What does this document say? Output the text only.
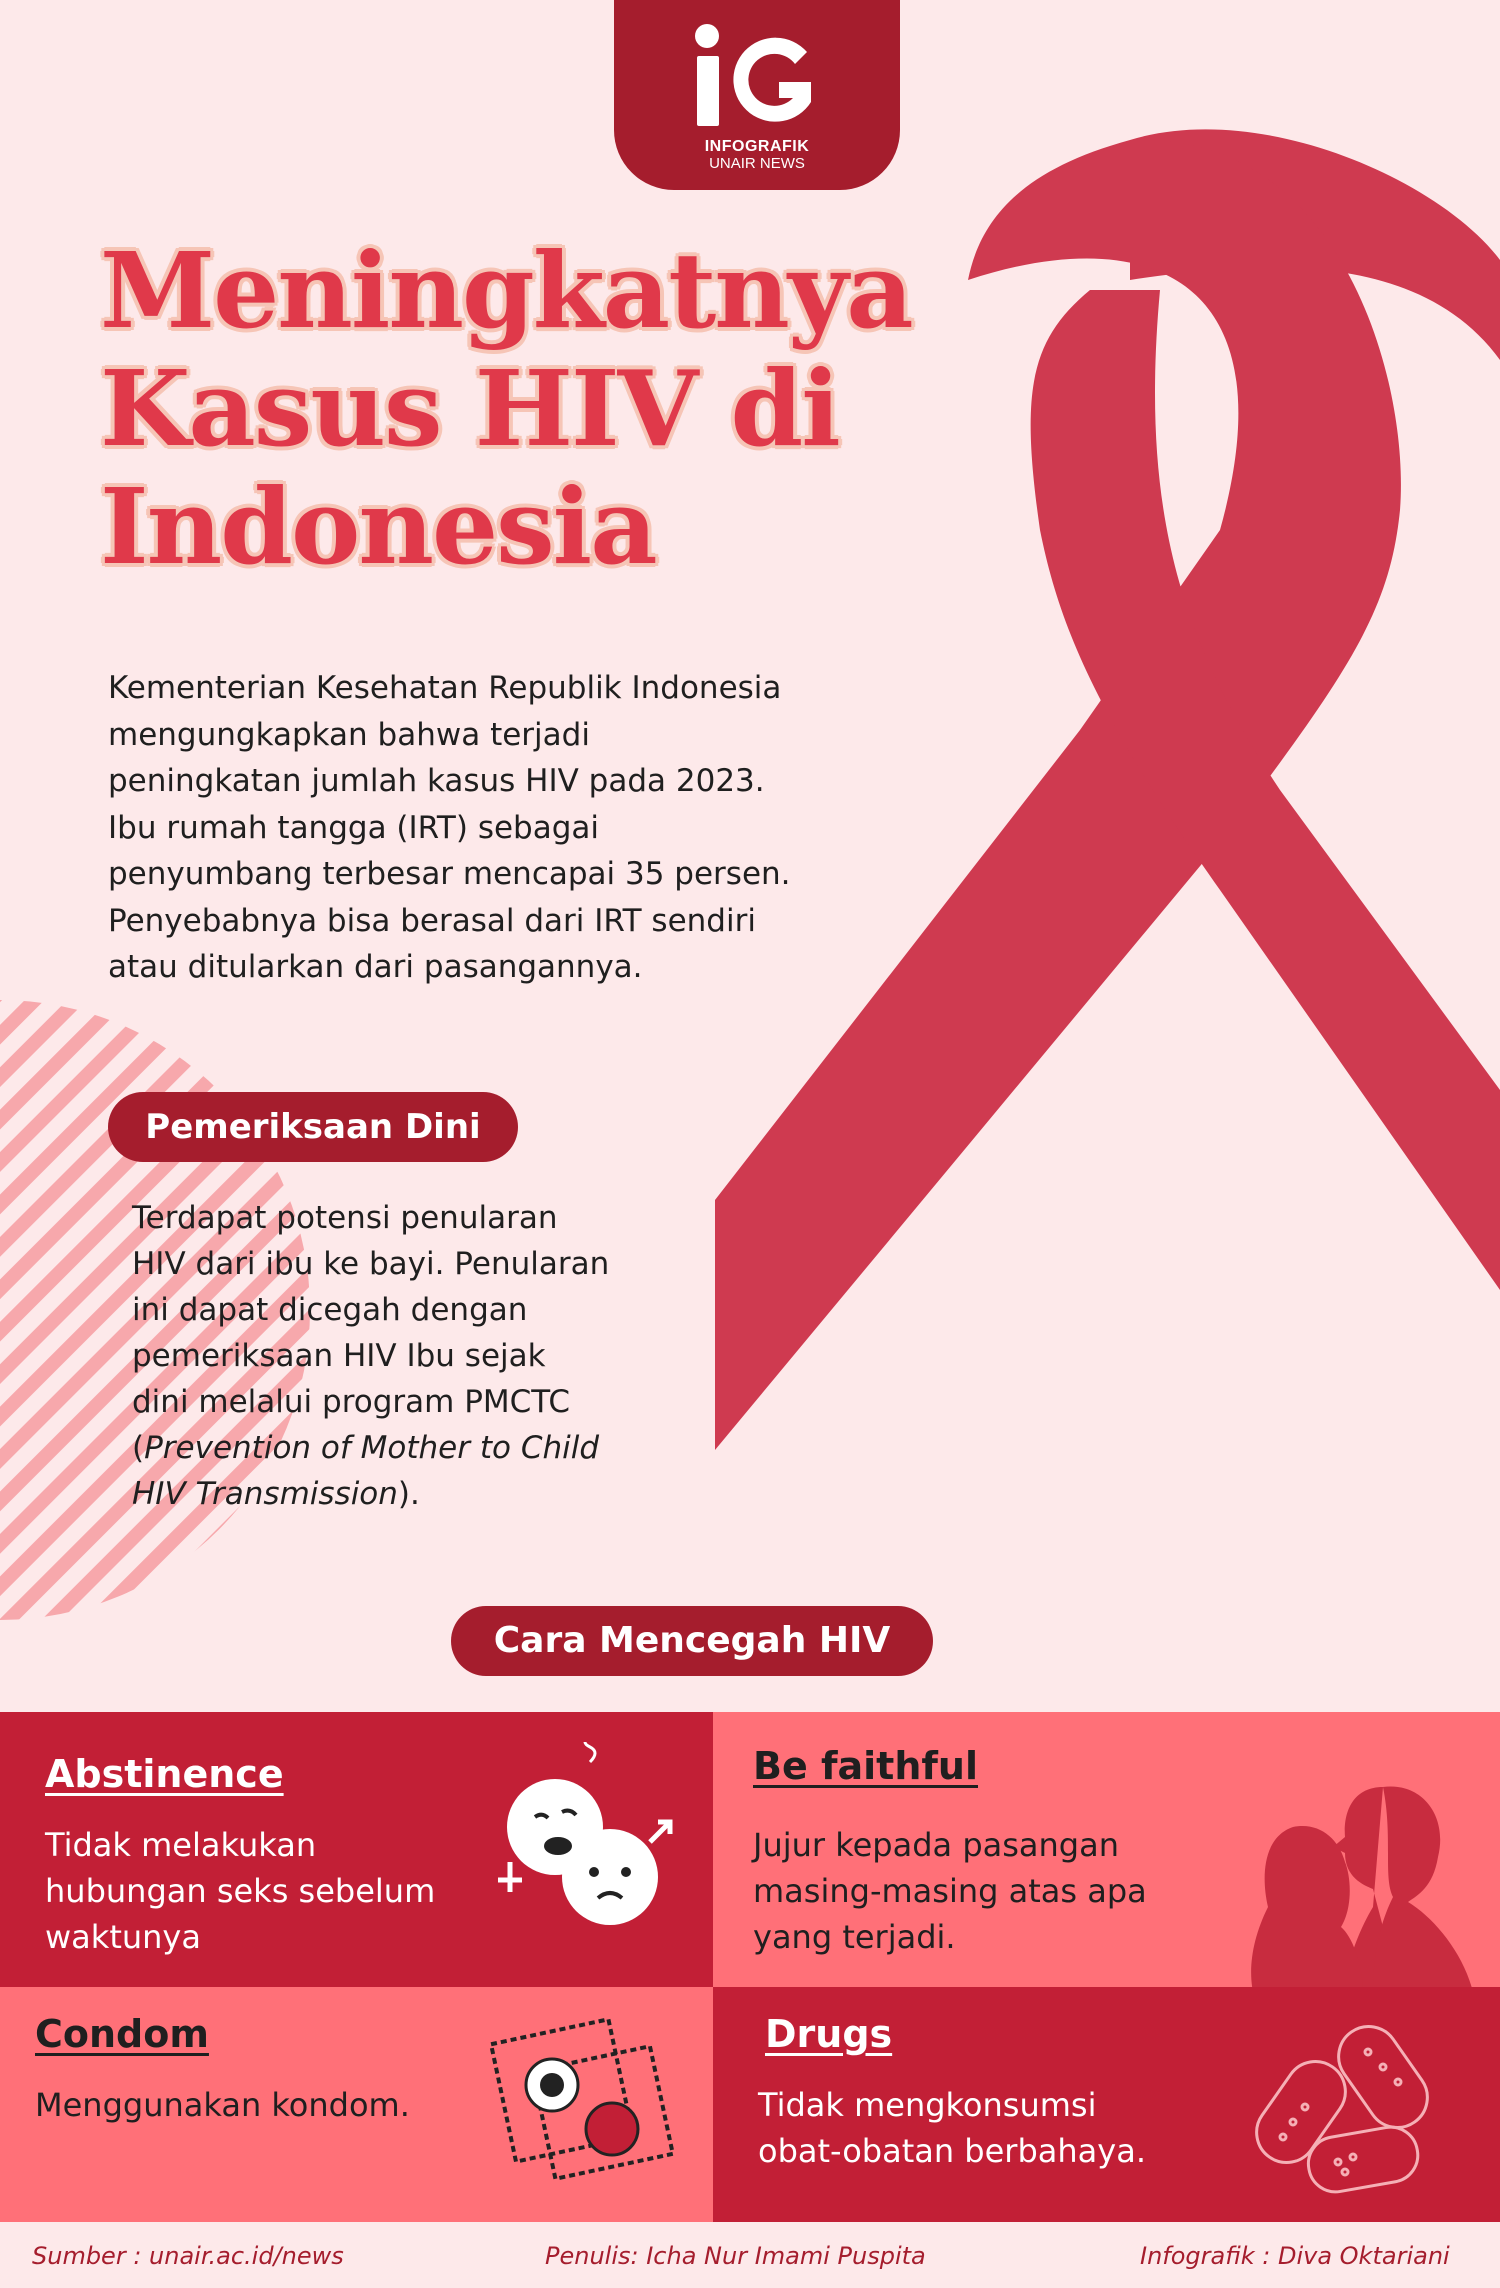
INFOGRAFIK
UNAIR NEWS
Meningkatnya
Kasus HIV di
Indonesia
Kementerian Kesehatan Republik Indonesia
mengungkapkan bahwa terjadi
peningkatan jumlah kasus HIV pada 2023.
Ibu rumah tangga (IRT) sebagai
penyumbang terbesar mencapai 35 persen.
Penyebabnya bisa berasal dari IRT sendiri
atau ditularkan dari pasangannya.
Pemeriksaan Dini
Terdapat potensi penularan
HIV dari ibu ke bayi. Penularan
ini dapat dicegah dengan
pemeriksaan HIV Ibu sejak
dini melalui program PMCTC
(Prevention of Mother to Child
HIV Transmission).
Cara Mencegah HIV
Abstinence
Tidak melakukan
hubungan seks sebelum
waktunya
Be faithful
Jujur kepada pasangan
masing-masing atas apa
yang terjadi.
Condom
Menggunakan kondom.
Drugs
Tidak mengkonsumsi
obat-obatan berbahaya.
Sumber : unair.ac.id/news	Penulis: Icha Nur Imami Puspita	Infografik : Diva Oktariani
